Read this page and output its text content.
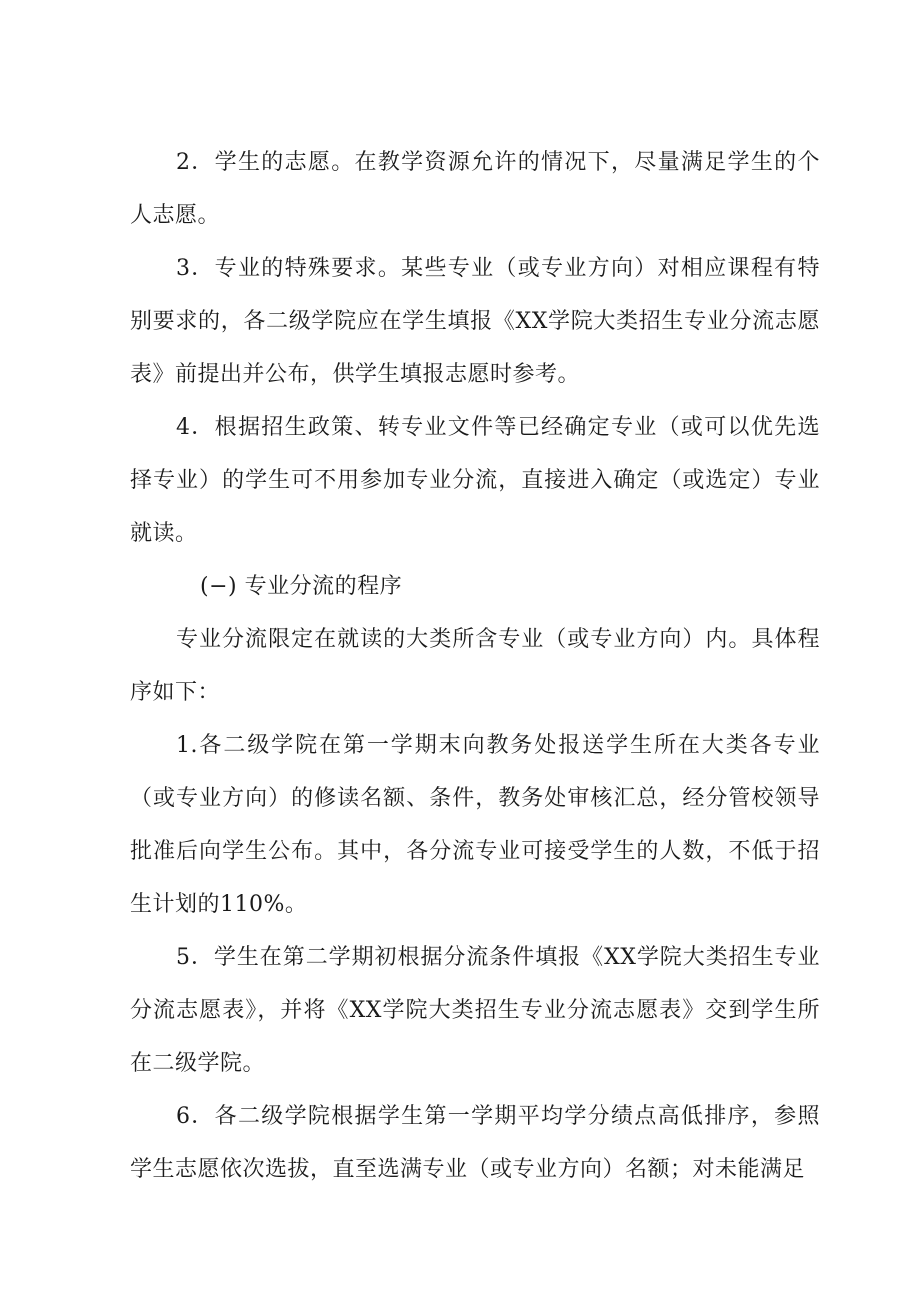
2．学生的志愿。在教学资源允许的情况下，尽量满足学生的个人志愿。

3．专业的特殊要求。某些专业（或专业方向）对相应课程有特别要求的，各二级学院应在学生填报《XX学院大类招生专业分流志愿表》前提出并公布，供学生填报志愿时参考。

4．根据招生政策、转专业文件等已经确定专业（或可以优先选择专业）的学生可不用参加专业分流，直接进入确定（或选定）专业就读。

(−) 专业分流的程序

专业分流限定在就读的大类所含专业（或专业方向）内。具体程序如下：

1.各二级学院在第一学期末向教务处报送学生所在大类各专业（或专业方向）的修读名额、条件，教务处审核汇总，经分管校领导批准后向学生公布。其中，各分流专业可接受学生的人数，不低于招生计划的110%。

5．学生在第二学期初根据分流条件填报《XX学院大类招生专业分流志愿表》，并将《XX学院大类招生专业分流志愿表》交到学生所在二级学院。

6．各二级学院根据学生第一学期平均学分绩点高低排序，参照学生志愿依次选拔，直至选满专业（或专业方向）名额；对未能满足
